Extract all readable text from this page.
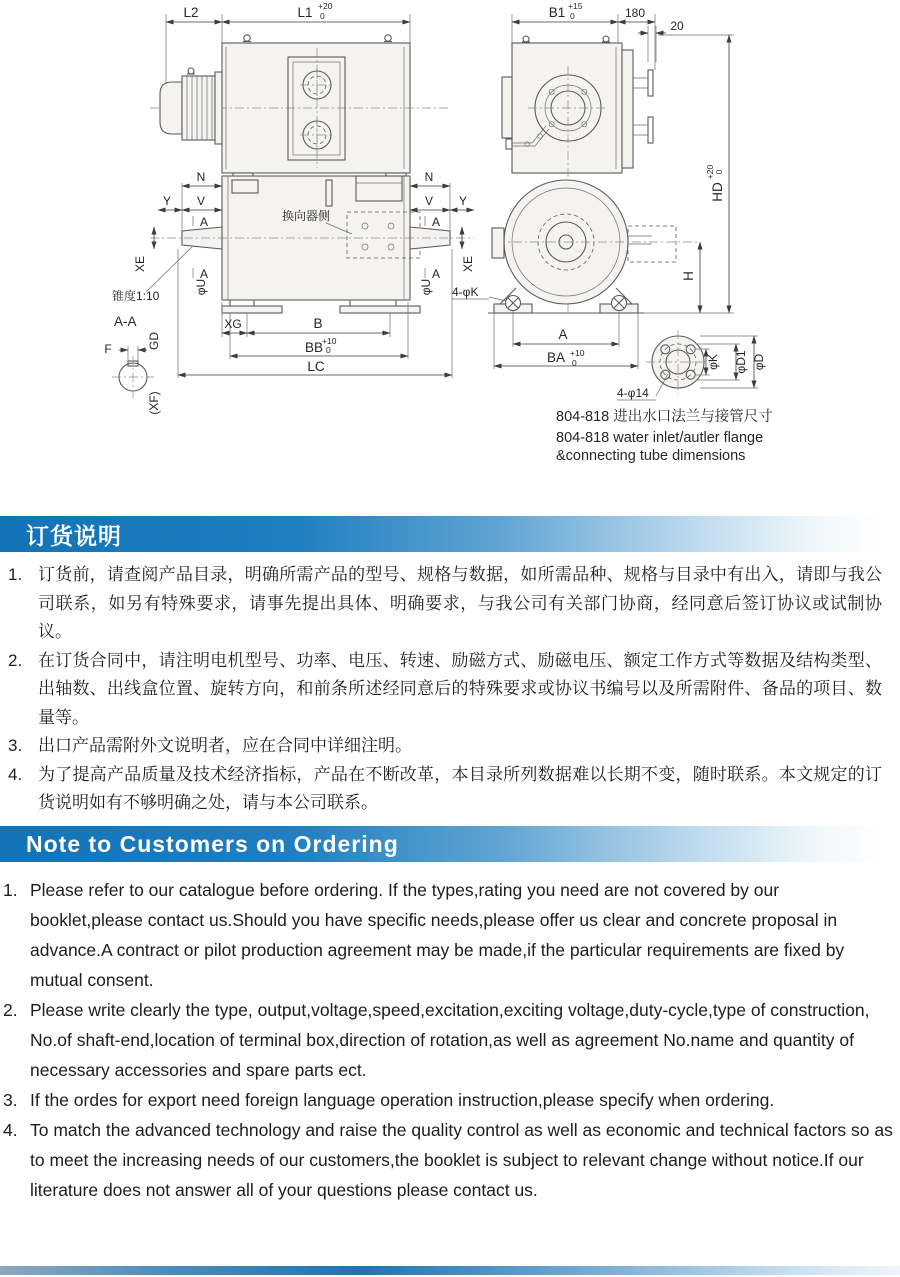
L2	L1 +20
0
换向器侧
A
A
A
A
N	N
Y V	V Y
XE	XE
φU	φU
锥度1:10
A-A
F	GD
(XF)
XG	B
+10
BB 0
LC
B1 +15
0	180
20
HD
+20 0
4-φK
H
A
+10
BA 0
4-φ14
φK φD1 φD
804-818 进出水口法兰与接管尺寸
804-818 water inlet/autler flange
&connecting tube dimensions
订货说明
1. 订货前，请查阅产品目录，明确所需产品的型号、规格与数据，如所需品种、规格与目录中有出入，请即与我公司联系，如另有特殊要求，请事先提出具体、明确要求，与我公司有关部门协商，经同意后签订协议或试制协议。
2. 在订货合同中，请注明电机型号、功率、电压、转速、励磁方式、励磁电压、额定工作方式等数据及结构类型、出轴数、出线盒位置、旋转方向，和前条所述经同意后的特殊要求或协议书编号以及所需附件、备品的项目、数量等。
3. 出口产品需附外文说明者，应在合同中详细注明。
4. 为了提高产品质量及技术经济指标，产品在不断改革，本目录所列数据难以长期不变，随时联系。本文规定的订货说明如有不够明确之处，请与本公司联系。
Note to Customers on Ordering
1. Please refer to our catalogue before ordering. If the types,rating you need are not covered by our booklet,please contact us.Should you have specific needs,please offer us clear and concrete proposal in advance.A contract or pilot production agreement may be made,if the particular requirements are fixed by mutual consent.
2. Please write clearly the type, output,voltage,speed,excitation,exciting voltage,duty-cycle,type of construction, No.of shaft-end,location of terminal box,direction of rotation,as well as agreement No.name and quantity of necessary accessories and spare parts ect.
3. If the ordes for export need foreign language operation instruction,please specify when ordering.
4. To match the advanced technology and raise the quality control as well as economic and technical factors so as to meet the increasing needs of our customers,the booklet is subject to relevant change without notice.If our literature does not answer all of your questions please contact us.
